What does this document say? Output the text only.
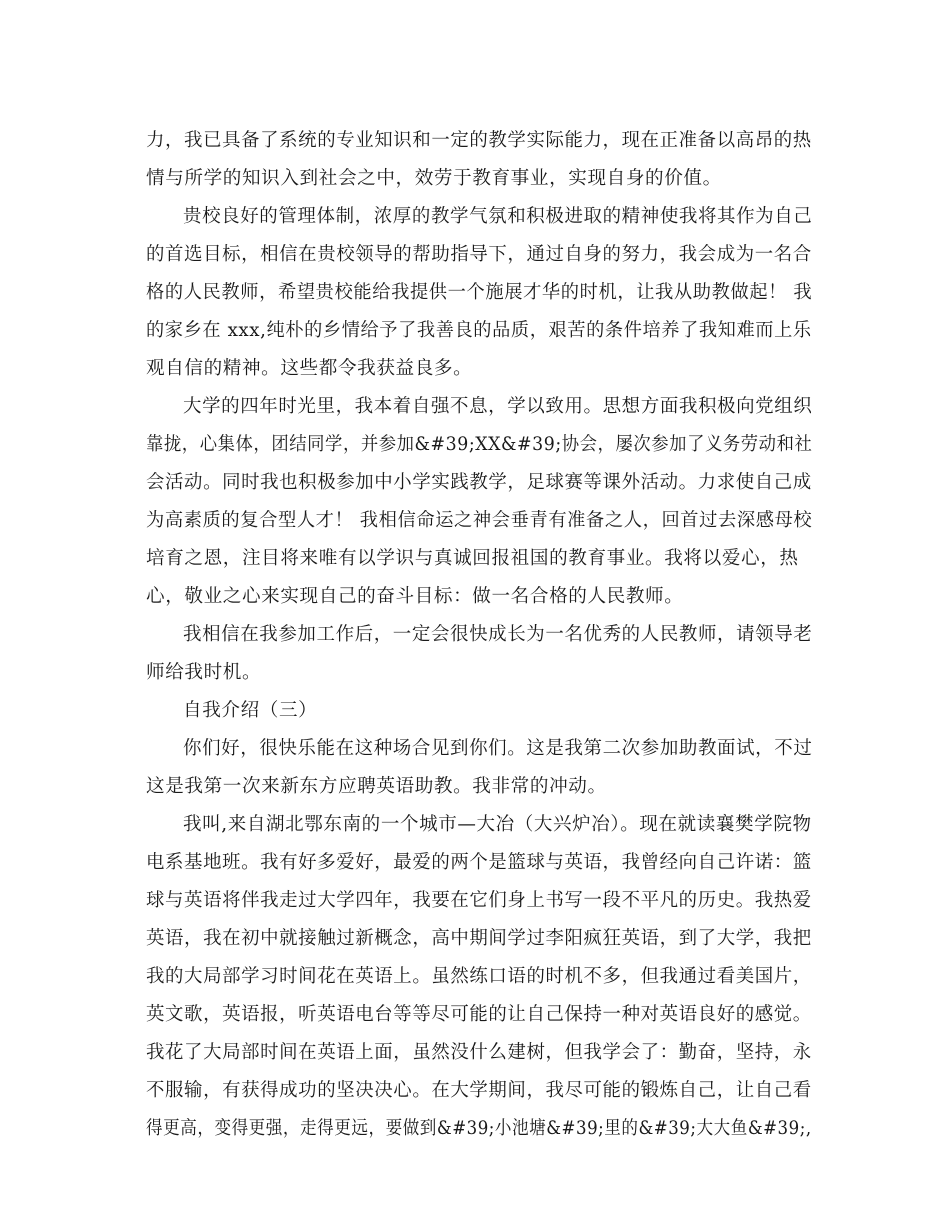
力，我已具备了系统的专业知识和一定的教学实际能力，现在正准备以高昂的热
情与所学的知识入到社会之中，效劳于教育事业，实现自身的价值。
贵校良好的管理体制，浓厚的教学气氛和积极进取的精神使我将其作为自己
的首选目标，相信在贵校领导的帮助指导下，通过自身的努力，我会成为一名合
格的人民教师，希望贵校能给我提供一个施展才华的时机，让我从助教做起！ 我
的家乡在 xxx,纯朴的乡情给予了我善良的品质，艰苦的条件培养了我知难而上乐
观自信的精神。这些都令我获益良多。
大学的四年时光里，我本着自强不息，学以致用。思想方面我积极向党组织
靠拢，心集体，团结同学，并参加&#39;XX&#39;协会，屡次参加了义务劳动和社
会活动。同时我也积极参加中小学实践教学，足球赛等课外活动。力求使自己成
为高素质的复合型人才！ 我相信命运之神会垂青有准备之人，回首过去深感母校
培育之恩，注目将来唯有以学识与真诚回报祖国的教育事业。我将以爱心，热
心，敬业之心来实现自己的奋斗目标：做一名合格的人民教师。
我相信在我参加工作后，一定会很快成长为一名优秀的人民教师，请领导老
师给我时机。
自我介绍（三）
你们好，很快乐能在这种场合见到你们。这是我第二次参加助教面试，不过
这是我第一次来新东方应聘英语助教。我非常的冲动。
我叫,来自湖北鄂东南的一个城市—大冶（大兴炉冶）。现在就读襄樊学院物
电系基地班。我有好多爱好，最爱的两个是篮球与英语，我曾经向自己许诺：篮
球与英语将伴我走过大学四年，我要在它们身上书写一段不平凡的历史。我热爱
英语，我在初中就接触过新概念，高中期间学过李阳疯狂英语，到了大学，我把
我的大局部学习时间花在英语上。虽然练口语的时机不多，但我通过看美国片，
英文歌，英语报，听英语电台等等尽可能的让自己保持一种对英语良好的感觉。
我花了大局部时间在英语上面，虽然没什么建树，但我学会了：勤奋，坚持，永
不服输，有获得成功的坚决决心。在大学期间，我尽可能的锻炼自己，让自己看
得更高，变得更强，走得更远，要做到&#39;小池塘&#39;里的&#39;大大鱼&#39;,
